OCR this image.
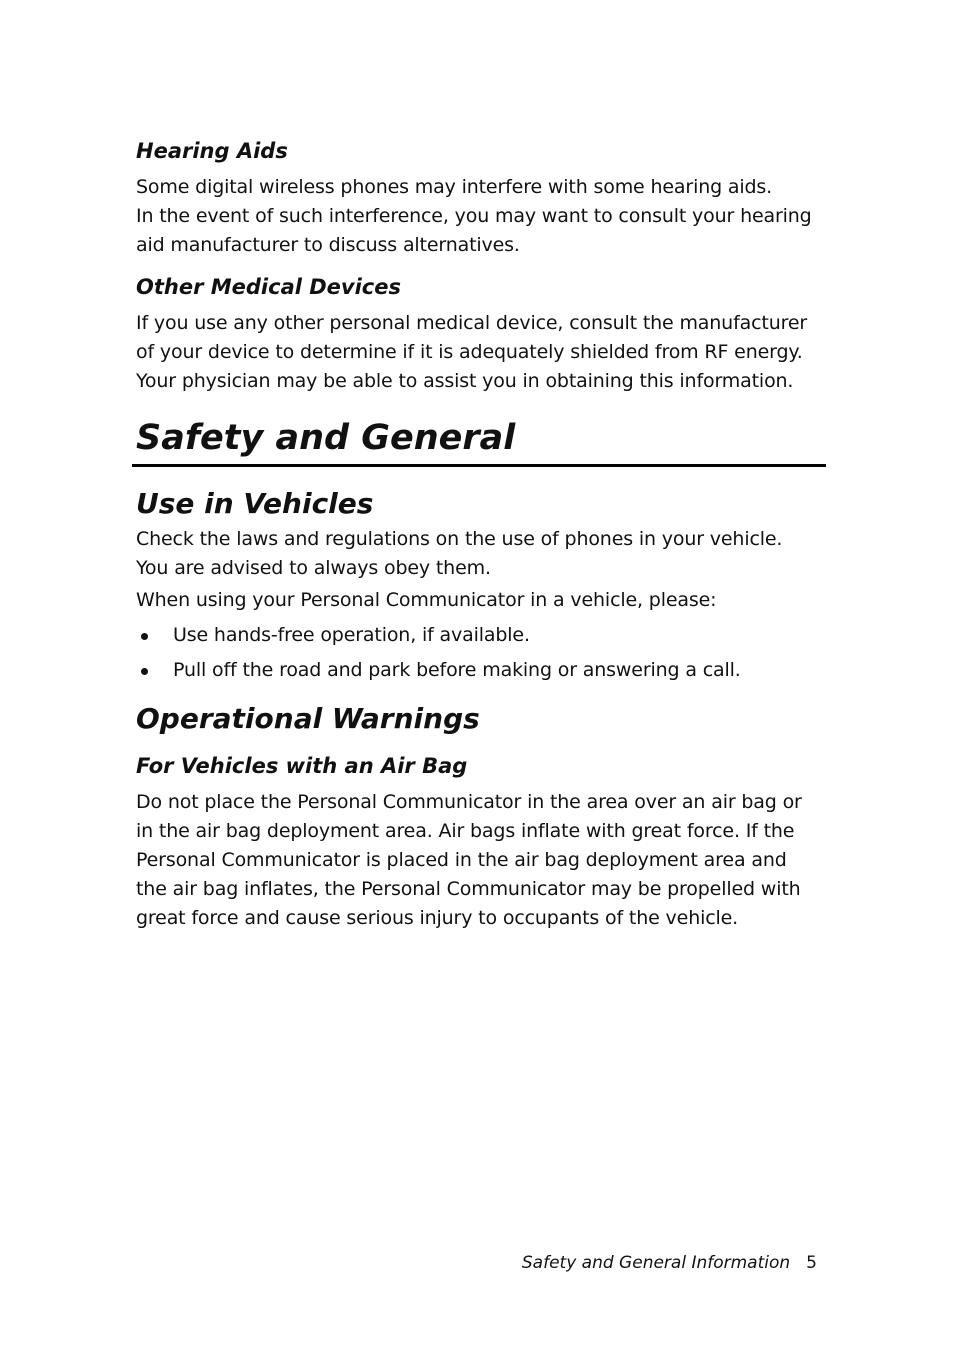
Hearing Aids
Some digital wireless phones may interfere with some hearing aids.
In the event of such interference, you may want to consult your hearing
aid manufacturer to discuss alternatives.
Other Medical Devices
If you use any other personal medical device, consult the manufacturer
of your device to determine if it is adequately shielded from RF energy.
Your physician may be able to assist you in obtaining this information.
Safety and General
Use in Vehicles
Check the laws and regulations on the use of phones in your vehicle.
You are advised to always obey them.
When using your Personal Communicator in a vehicle, please:
Use hands-free operation, if available.
Pull off the road and park before making or answering a call.
Operational Warnings
For Vehicles with an Air Bag
Do not place the Personal Communicator in the area over an air bag or
in the air bag deployment area. Air bags inflate with great force. If the
Personal Communicator is placed in the air bag deployment area and
the air bag inflates, the Personal Communicator may be propelled with
great force and cause serious injury to occupants of the vehicle.
Safety and General Information 5
